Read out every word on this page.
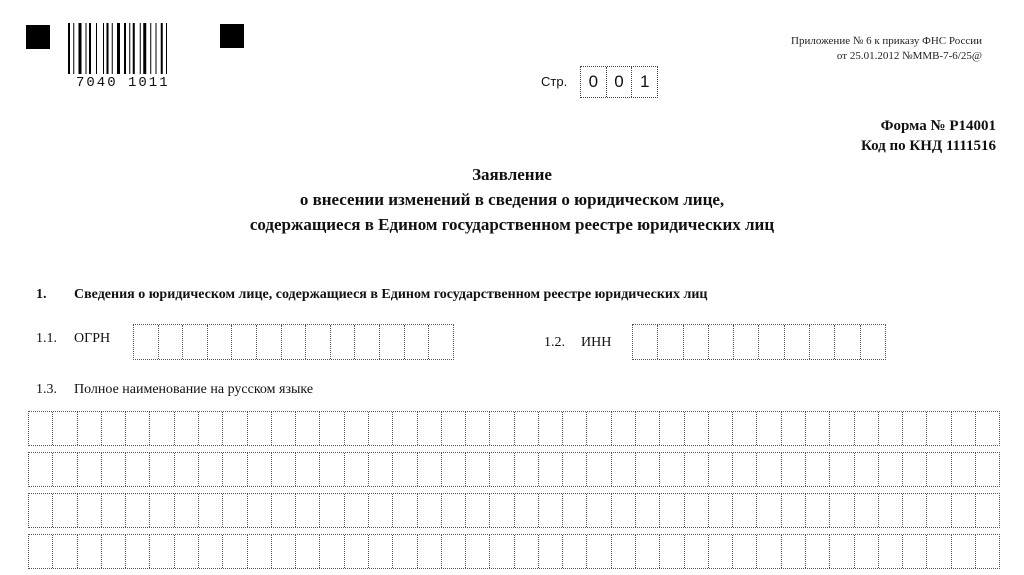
7040 1011
Приложение № 6 к приказу ФНС России
от 25.01.2012 №ММВ-7-6/25@
Стр.	0 0 1
Форма № Р14001
Код по КНД 1111516
Заявление
о внесении изменений в сведения о юридическом лице,
содержащиеся в Едином государственном реестре юридических лиц
1. Сведения о юридическом лице, содержащиеся в Едином государственном реестре юридических лиц
1.1. ОГРН	1.2. ИНН
1.3. Полное наименование на русском языке
